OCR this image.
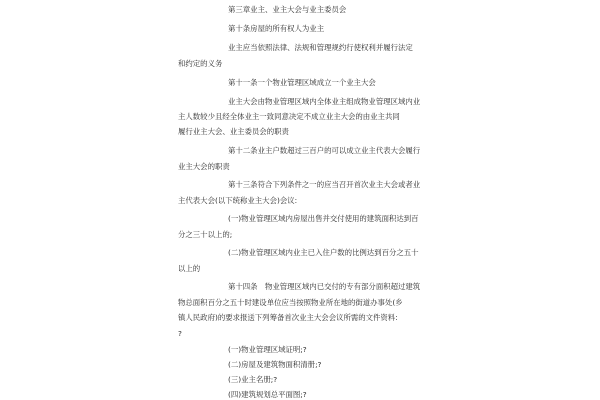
第三章业主、业主大会与业主委员会
第十条房屋的所有权人为业主
业主应当依照法律、法规和管理规约行使权利并履行法定
和约定的义务
第十一条一个物业管理区域成立一个业主大会
业主大会由物业管理区域内全体业主组成物业管理区域内业
主人数较少且经全体业主一致同意决定不成立业主大会的由业主共同
履行业主大会、业主委员会的职责
第十二条业主户数超过三百户的可以成立业主代表大会履行
业主大会的职责
第十三条符合下列条件之一的应当召开首次业主大会或者业
主代表大会(以下统称业主大会)会议:
(一)物业管理区域内房屋出售并交付使用的建筑面积达到百
分之三十以上的;
(二)物业管理区域内业主已入住户数的比例达到百分之五十
以上的
第十四条　物业管理区域内已交付的专有部分面积超过建筑
物总面积百分之五十时建设单位应当按照物业所在地的街道办事处(乡
镇人民政府)的要求报送下列筹备首次业主大会会议所需的文件资料:
?
(一)物业管理区域证明;?
(二)房屋及建筑物面积清册;?
(三)业主名册;?
(四)建筑规划总平面图;?
